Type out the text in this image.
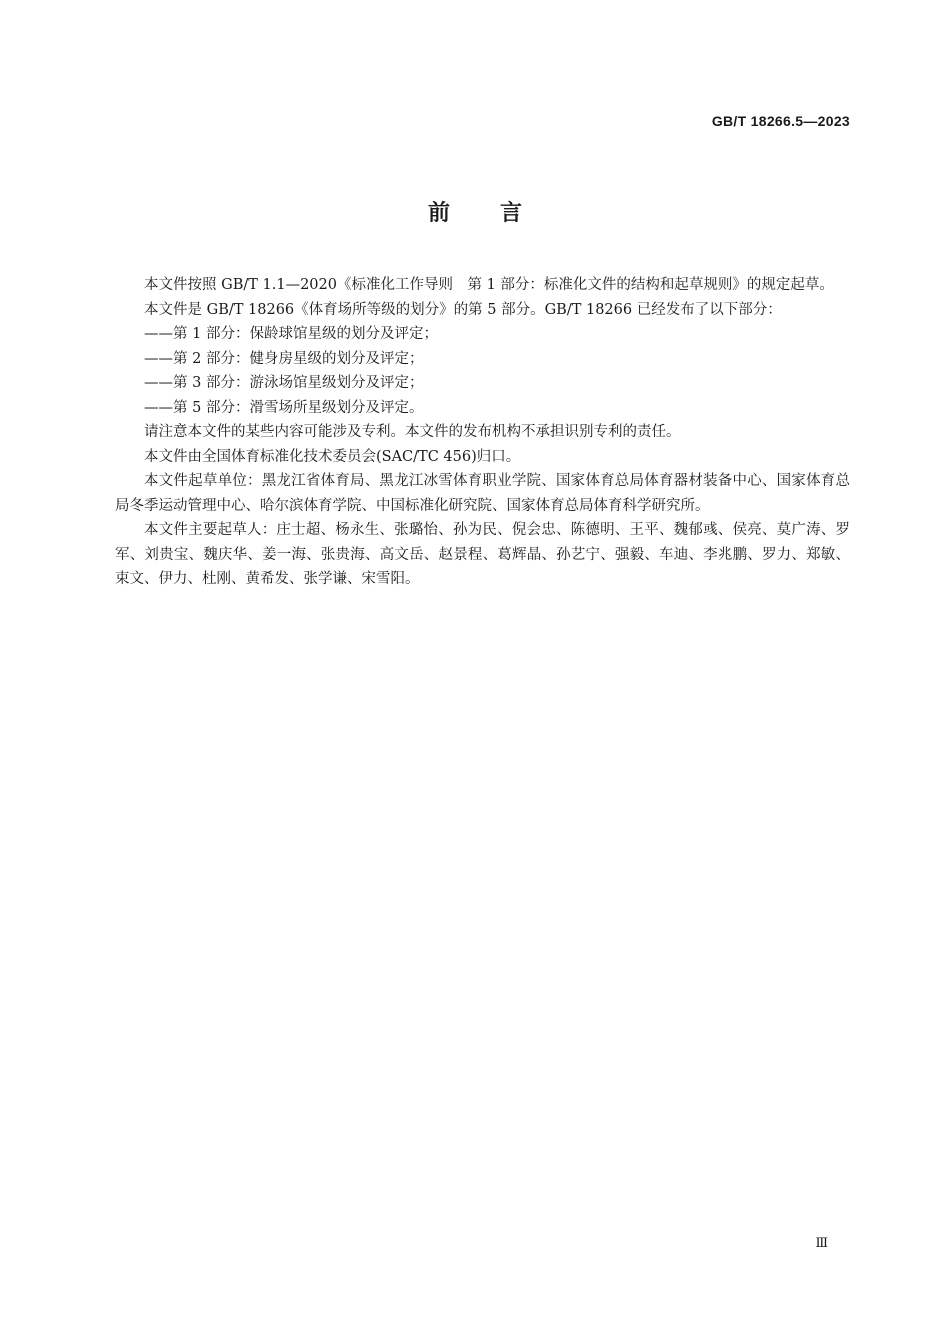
GB/T 18266.5—2023
前 言

本文件按照 GB/T 1.1—2020《标准化工作导则　第 1 部分：标准化文件的结构和起草规则》的规定起草。

本文件是 GB/T 18266《体育场所等级的划分》的第 5 部分。GB/T 18266 已经发布了以下部分：

——第 1 部分：保龄球馆星级的划分及评定；

——第 2 部分：健身房星级的划分及评定；

——第 3 部分：游泳场馆星级划分及评定；

——第 5 部分：滑雪场所星级划分及评定。

请注意本文件的某些内容可能涉及专利。本文件的发布机构不承担识别专利的责任。

本文件由全国体育标准化技术委员会(SAC/TC 456)归口。

本文件起草单位：黑龙江省体育局、黑龙江冰雪体育职业学院、国家体育总局体育器材装备中心、国家体育总局冬季运动管理中心、哈尔滨体育学院、中国标准化研究院、国家体育总局体育科学研究所。

本文件主要起草人：庄士超、杨永生、张璐怡、孙为民、倪会忠、陈德明、王平、魏郁彧、侯亮、莫广涛、罗军、刘贵宝、魏庆华、姜一海、张贵海、高文岳、赵景程、葛辉晶、孙艺宁、强毅、车迪、李兆鹏、罗力、郑敏、束文、伊力、杜刚、黄希发、张学谦、宋雪阳。

Ⅲ
